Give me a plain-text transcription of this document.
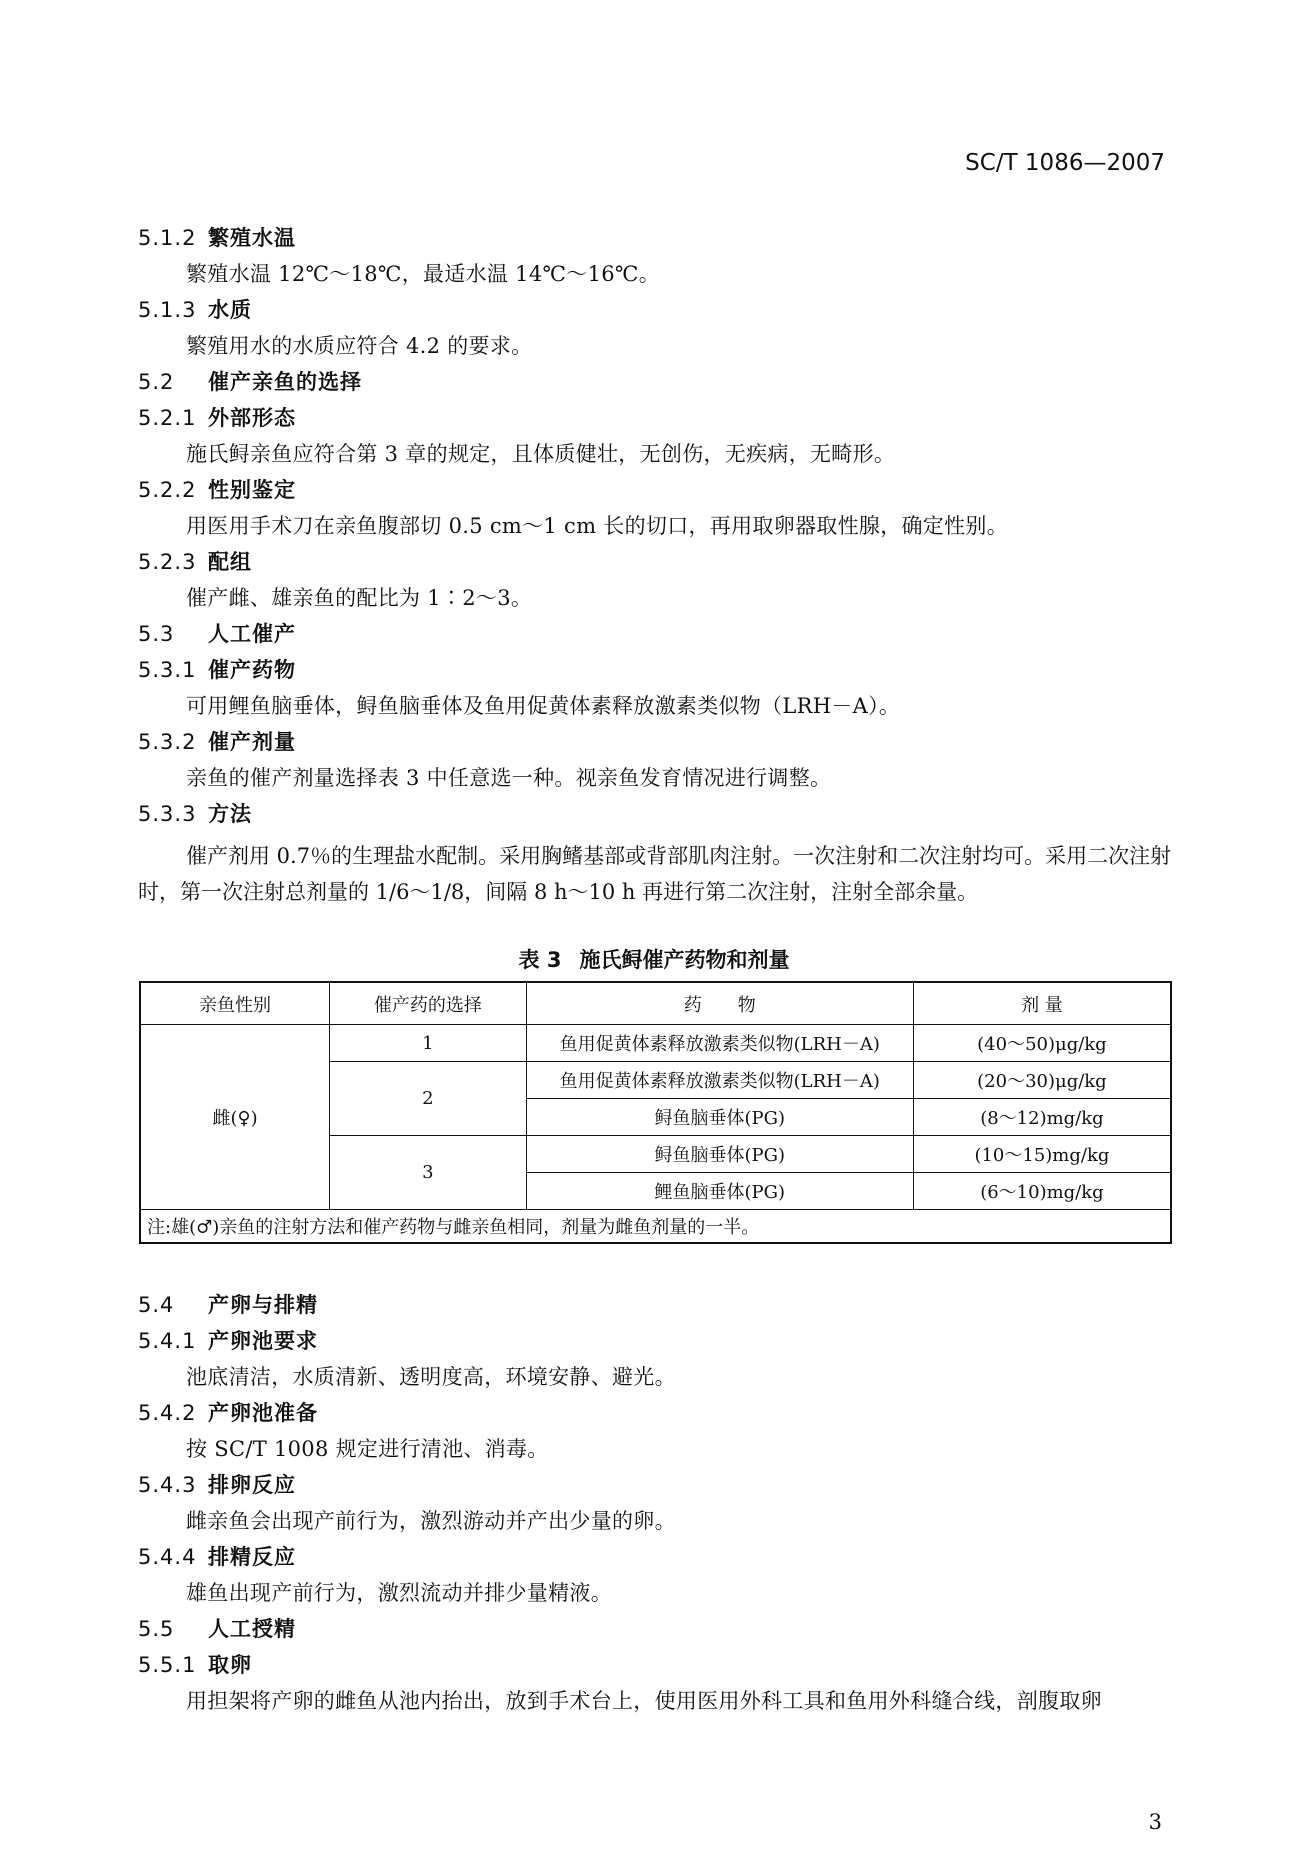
SC/T 1086—2007
5.1.2 繁殖水温
繁殖水温 12℃～18℃，最适水温 14℃～16℃。
5.1.3 水质
繁殖用水的水质应符合 4.2 的要求。
5.2 催产亲鱼的选择
5.2.1 外部形态
施氏鲟亲鱼应符合第 3 章的规定，且体质健壮，无创伤，无疾病，无畸形。
5.2.2 性别鉴定
用医用手术刀在亲鱼腹部切 0.5 cm～1 cm 长的切口，再用取卵器取性腺，确定性别。
5.2.3 配组
催产雌、雄亲鱼的配比为 1∶2～3。
5.3 人工催产
5.3.1 催产药物
可用鲤鱼脑垂体，鲟鱼脑垂体及鱼用促黄体素释放激素类似物（LRH－A）。
5.3.2 催产剂量
亲鱼的催产剂量选择表 3 中任意选一种。视亲鱼发育情况进行调整。
5.3.3 方法
催产剂用 0.7％的生理盐水配制。采用胸鳍基部或背部肌肉注射。一次注射和二次注射均可。采用二次注射时，第一次注射总剂量的 1/6～1/8，间隔 8 h～10 h 再进行第二次注射，注射全部余量。
表 3 施氏鲟催产药物和剂量
亲鱼性别	催产药的选择	药　　物	剂 量
雌(♀)	1	鱼用促黄体素释放激素类似物(LRH－A)	(40～50)μg/kg
	2	鱼用促黄体素释放激素类似物(LRH－A)	(20～30)μg/kg
		鲟鱼脑垂体(PG)	(8～12)mg/kg
	3	鲟鱼脑垂体(PG)	(10～15)mg/kg
		鲤鱼脑垂体(PG)	(6～10)mg/kg
注:雄(♂)亲鱼的注射方法和催产药物与雌亲鱼相同，剂量为雌鱼剂量的一半。			
5.4 产卵与排精
5.4.1 产卵池要求
池底清洁，水质清新、透明度高，环境安静、避光。
5.4.2 产卵池准备
按 SC/T 1008 规定进行清池、消毒。
5.4.3 排卵反应
雌亲鱼会出现产前行为，激烈游动并产出少量的卵。
5.4.4 排精反应
雄鱼出现产前行为，激烈流动并排少量精液。
5.5 人工授精
5.5.1 取卵
用担架将产卵的雌鱼从池内抬出，放到手术台上，使用医用外科工具和鱼用外科缝合线，剖腹取卵
3
